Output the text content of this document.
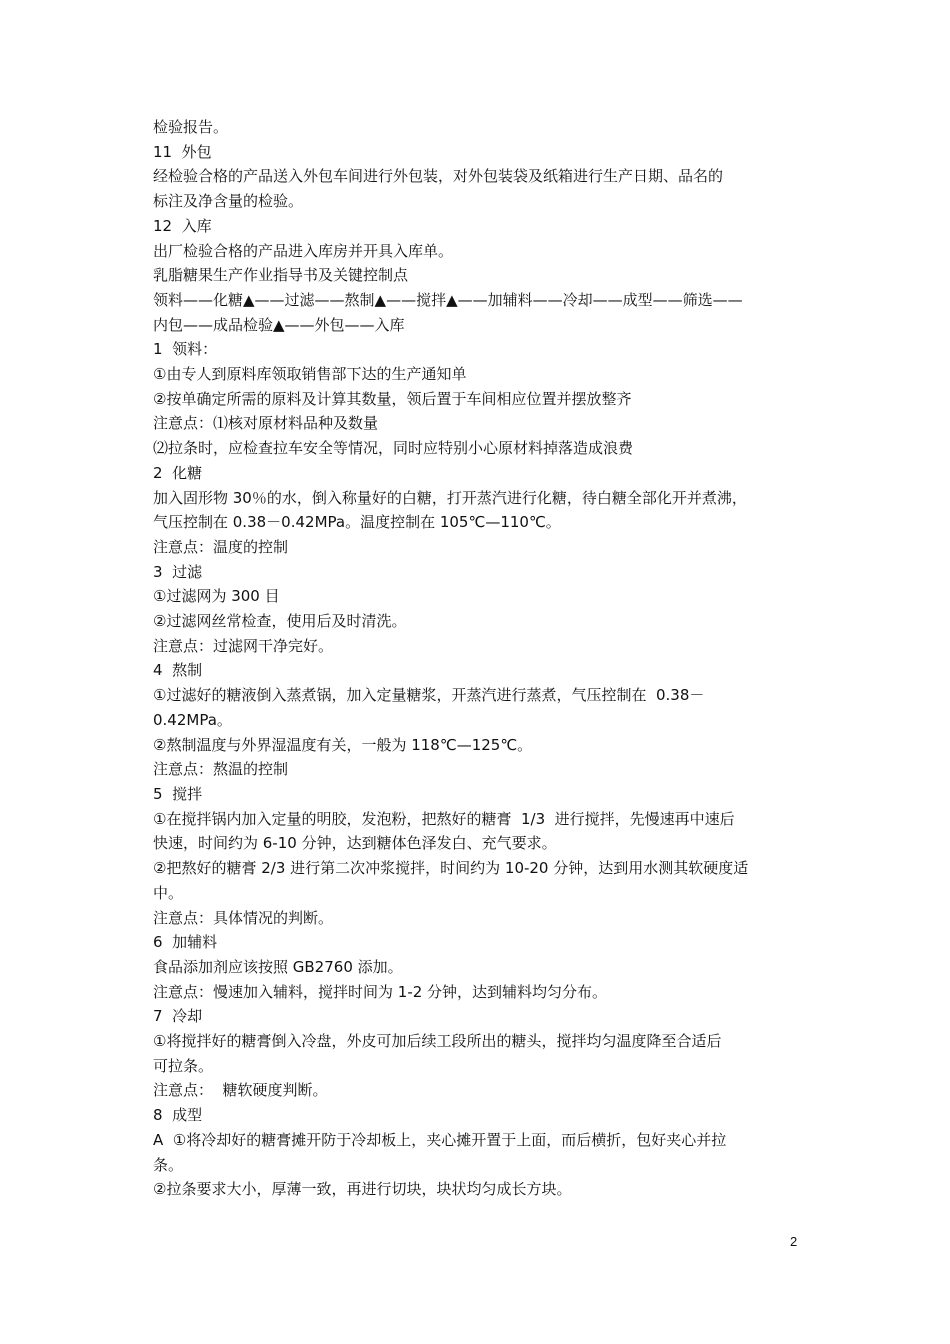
检验报告。
11  外包
经检验合格的产品送入外包车间进行外包装，对外包装袋及纸箱进行生产日期、品名的
标注及净含量的检验。
12  入库
出厂检验合格的产品进入库房并开具入库单。
乳脂糖果生产作业指导书及关键控制点
领料——化糖▲——过滤——熬制▲——搅拌▲——加辅料——冷却——成型——筛选——
内包——成品检验▲——外包——入库
1  领料：
①由专人到原料库领取销售部下达的生产通知单
②按单确定所需的原料及计算其数量，领后置于车间相应位置并摆放整齐
注意点：⑴核对原材料品种及数量
⑵拉条时，应检查拉车安全等情况，同时应特别小心原材料掉落造成浪费
2  化糖
加入固形物 30％的水，倒入称量好的白糖，打开蒸汽进行化糖，待白糖全部化开并煮沸，
气压控制在 0.38－0.42MPa。温度控制在 105℃—110℃。
注意点：温度的控制
3  过滤
①过滤网为 300 目
②过滤网丝常检查，使用后及时清洗。
注意点：过滤网干净完好。
4  熬制
①过滤好的糖液倒入蒸煮锅，加入定量糖浆，开蒸汽进行蒸煮，气压控制在  0.38－
0.42MPa。
②熬制温度与外界湿温度有关，一般为 118℃—125℃。
注意点：熬温的控制
5  搅拌
①在搅拌锅内加入定量的明胶，发泡粉，把熬好的糖膏  1/3  进行搅拌，先慢速再中速后
快速，时间约为 6-10 分钟，达到糖体色泽发白、充气要求。
②把熬好的糖膏 2/3 进行第二次冲浆搅拌，时间约为 10-20 分钟，达到用水测其软硬度适
中。
注意点：具体情况的判断。
6  加辅料
食品添加剂应该按照 GB2760 添加。
注意点：慢速加入辅料，搅拌时间为 1-2 分钟，达到辅料均匀分布。
7  冷却
①将搅拌好的糖膏倒入冷盘，外皮可加后续工段所出的糖头，搅拌均匀温度降至合适后
可拉条。
注意点：  糖软硬度判断。
8  成型
A  ①将冷却好的糖膏摊开防于冷却板上，夹心摊开置于上面，而后横折，包好夹心并拉
条。
②拉条要求大小，厚薄一致，再进行切块，块状均匀成长方块。
2
